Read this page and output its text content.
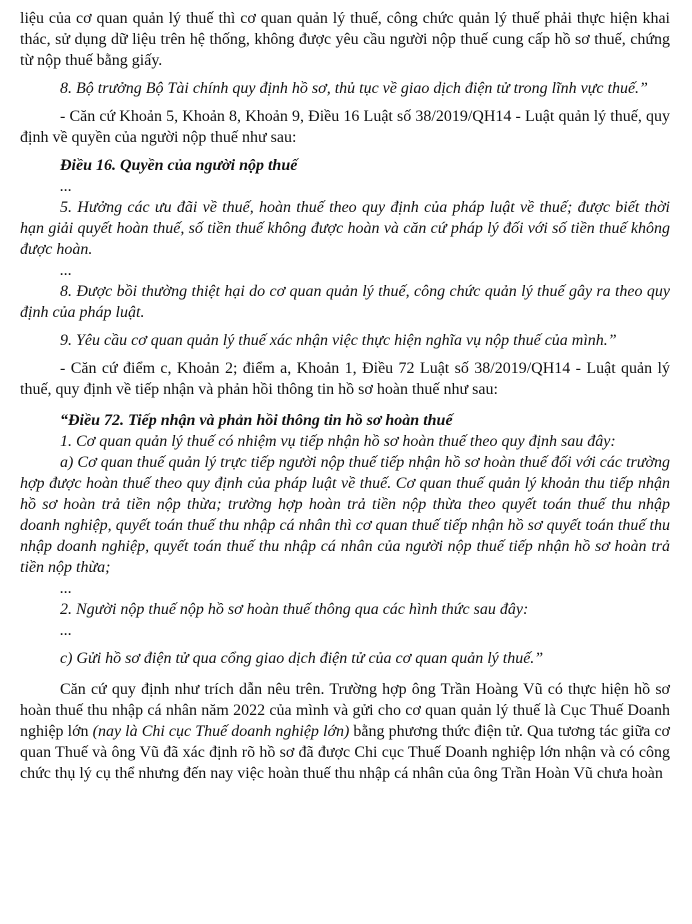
liệu của cơ quan quản lý thuế thì cơ quan quản lý thuế, công chức quản lý thuế phải thực hiện khai thác, sử dụng dữ liệu trên hệ thống, không được yêu cầu người nộp thuế cung cấp hồ sơ thuế, chứng từ nộp thuế bằng giấy.

8. Bộ trưởng Bộ Tài chính quy định hồ sơ, thủ tục về giao dịch điện tử trong lĩnh vực thuế.”

- Căn cứ Khoản 5, Khoản 8, Khoản 9, Điều 16 Luật số 38/2019/QH14 - Luật quản lý thuế, quy định về quyền của người nộp thuế như sau:

Điều 16. Quyền của người nộp thuế

...

5. Hưởng các ưu đãi về thuế, hoàn thuế theo quy định của pháp luật về thuế; được biết thời hạn giải quyết hoàn thuế, số tiền thuế không được hoàn và căn cứ pháp lý đối với số tiền thuế không được hoàn.

...

8. Được bồi thường thiệt hại do cơ quan quản lý thuế, công chức quản lý thuế gây ra theo quy định của pháp luật.

9. Yêu cầu cơ quan quản lý thuế xác nhận việc thực hiện nghĩa vụ nộp thuế của mình.”

- Căn cứ điểm c, Khoản 2; điểm a, Khoản 1, Điều 72 Luật số 38/2019/QH14 - Luật quản lý thuế, quy định về tiếp nhận và phản hồi thông tin hồ sơ hoàn thuế như sau:

“Điều 72. Tiếp nhận và phản hồi thông tin hồ sơ hoàn thuế

1. Cơ quan quản lý thuế có nhiệm vụ tiếp nhận hồ sơ hoàn thuế theo quy định sau đây:

a) Cơ quan thuế quản lý trực tiếp người nộp thuế tiếp nhận hồ sơ hoàn thuế đối với các trường hợp được hoàn thuế theo quy định của pháp luật về thuế. Cơ quan thuế quản lý khoản thu tiếp nhận hồ sơ hoàn trả tiền nộp thừa; trường hợp hoàn trả tiền nộp thừa theo quyết toán thuế thu nhập doanh nghiệp, quyết toán thuế thu nhập cá nhân thì cơ quan thuế tiếp nhận hồ sơ quyết toán thuế thu nhập doanh nghiệp, quyết toán thuế thu nhập cá nhân của người nộp thuế tiếp nhận hồ sơ hoàn trả tiền nộp thừa;

...

2. Người nộp thuế nộp hồ sơ hoàn thuế thông qua các hình thức sau đây:

...

c) Gửi hồ sơ điện tử qua cổng giao dịch điện tử của cơ quan quản lý thuế.”

Căn cứ quy định như trích dẫn nêu trên. Trường hợp ông Trần Hoàng Vũ có thực hiện hồ sơ hoàn thuế thu nhập cá nhân năm 2022 của mình và gửi cho cơ quan quản lý thuế là Cục Thuế Doanh nghiệp lớn (nay là Chi cục Thuế doanh nghiệp lớn) bằng phương thức điện tử. Qua tương tác giữa cơ quan Thuế và ông Vũ đã xác định rõ hồ sơ đã được Chi cục Thuế Doanh nghiệp lớn nhận và có công chức thụ lý cụ thể nhưng đến nay việc hoàn thuế thu nhập cá nhân của ông Trần Hoàn Vũ chưa hoàn
